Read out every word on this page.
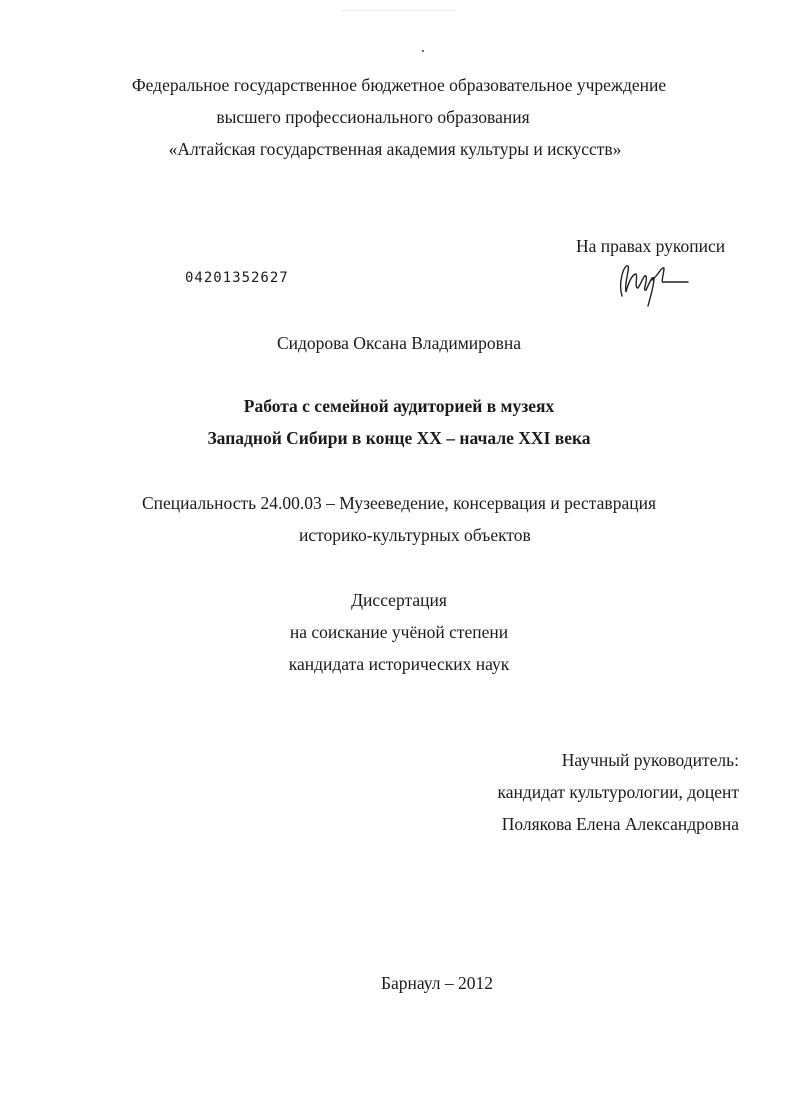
Федеральное государственное бюджетное образовательное учреждение
высшего профессионального образования
«Алтайская государственная академия культуры и искусств»
На правах рукописи
04201352627
Сидорова Оксана Владимировна
Работа с семейной аудиторией в музеях
Западной Сибири в конце XX – начале XXI века
Специальность 24.00.03 – Музееведение, консервация и реставрация
историко-культурных объектов
Диссертация
на соискание учёной степени
кандидата исторических наук
Научный руководитель:
кандидат культурологии, доцент
Полякова Елена Александровна
Барнаул – 2012
